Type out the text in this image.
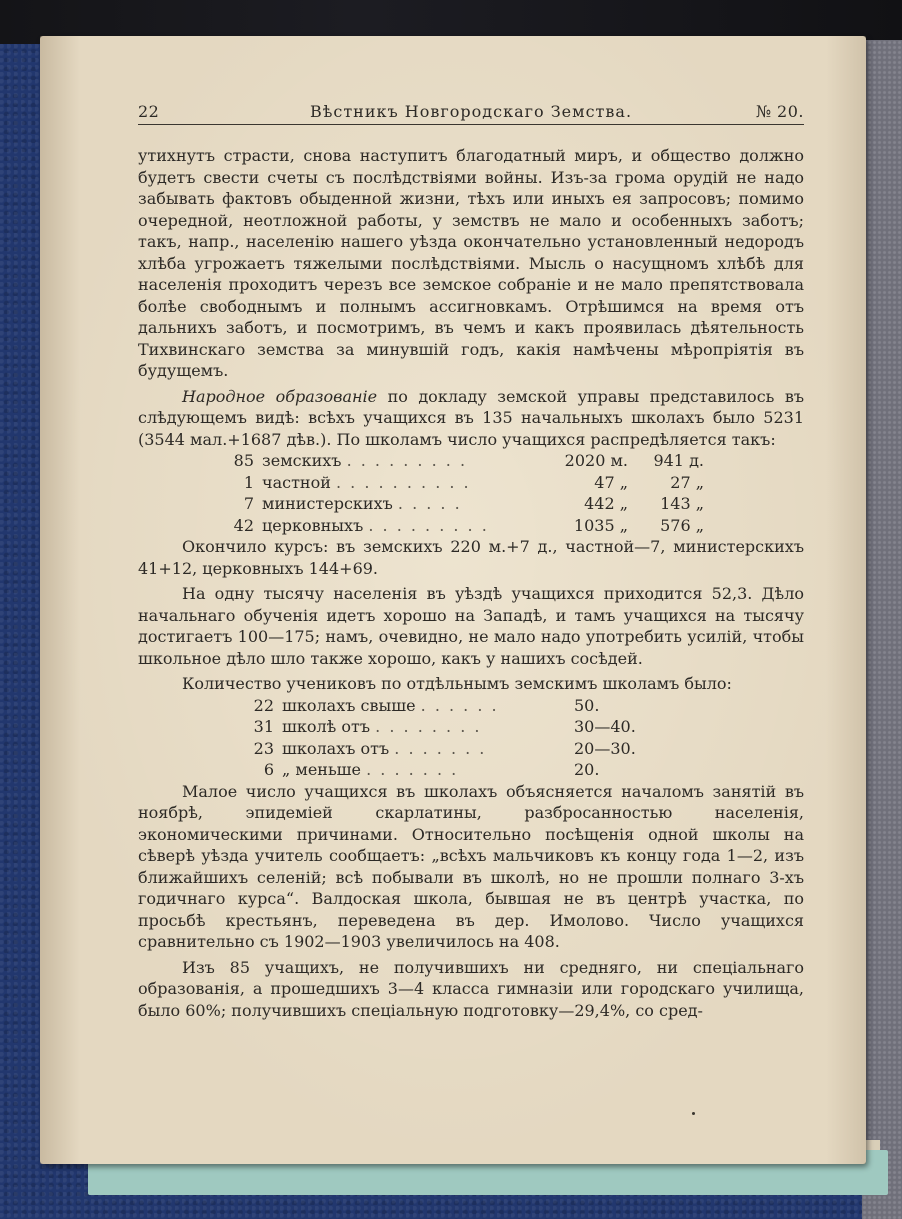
22	Вѣстникъ Новгородскаго Земства.	№ 20.

утихнутъ страсти, снова наступитъ благодатный миръ, и общество должно будетъ свести счеты съ послѣдствіями войны. Изъ-за грома орудій не надо забывать фактовъ обыденной жизни, тѣхъ или иныхъ ея запросовъ; помимо очередной, неотложной работы, у земствъ не мало и особенныхъ заботъ; такъ, напр., населенію нашего уѣзда окончательно установленный недородъ хлѣба угрожаетъ тяжелыми послѣдствіями. Мысль о насущномъ хлѣбѣ для населенія проходитъ черезъ все земское собраніе и не мало препятствовала болѣе свободнымъ и полнымъ ассигновкамъ. Отрѣшимся на время отъ дальнихъ заботъ, и посмотримъ, въ чемъ и какъ проявилась дѣятельность Тихвинскаго земства за минувшій годъ, какія намѣчены мѣропріятія въ будущемъ.

Народное образованіе по докладу земской управы представилось въ слѣдующемъ видѣ: всѣхъ учащихся въ 135 начальныхъ школахъ было 5231 (3544 мал.+1687 дѣв.). По школамъ число учащихся распредѣляется такъ:

85	земскихъ . . . . . . . . .	2020 м.	941 д.
1	частной . . . . . . . . . .	47 „	27 „
7	министерскихъ . . . . .	442 „	143 „
42	церковныхъ . . . . . . . . .	1035 „	576 „

Окончило курсъ: въ земскихъ 220 м.+7 д., частной—7, министерскихъ 41+12, церковныхъ 144+69.

На одну тысячу населенія въ уѣздѣ учащихся приходится 52,3. Дѣло начальнаго обученія идетъ хорошо на Западѣ, и тамъ учащихся на тысячу достигаетъ 100—175; намъ, очевидно, не мало надо употребить усилій, чтобы школьное дѣло шло также хорошо, какъ у нашихъ сосѣдей.

Количество учениковъ по отдѣльнымъ земскимъ школамъ было:

22	школахъ свыше . . . . . .	50.
31	школѣ отъ . . . . . . . .	30—40.
23	школахъ отъ . . . . . . .	20—30.
6	„ меньше . . . . . . .	20.

Малое число учащихся въ школахъ объясняется началомъ занятій въ ноябрѣ, эпидеміей скарлатины, разбросанностью населенія, экономическими причинами. Относительно посѣщенія одной школы на сѣверѣ уѣзда учитель сообщаетъ: „всѣхъ мальчиковъ къ концу года 1—2, изъ ближайшихъ селеній; всѣ побывали въ школѣ, но не прошли полнаго 3-хъ годичнаго курса“. Валдоская школа, бывшая не въ центрѣ участка, по просьбѣ крестьянъ, переведена въ дер. Имолово. Число учащихся сравнительно съ 1902—1903 увеличилось на 408.

Изъ 85 учащихъ, не получившихъ ни средняго, ни спеціальнаго образованія, а прошедшихъ 3—4 класса гимназіи или городскаго училища, было 60%; получившихъ спеціальную подготовку—29,4%, со сред-
